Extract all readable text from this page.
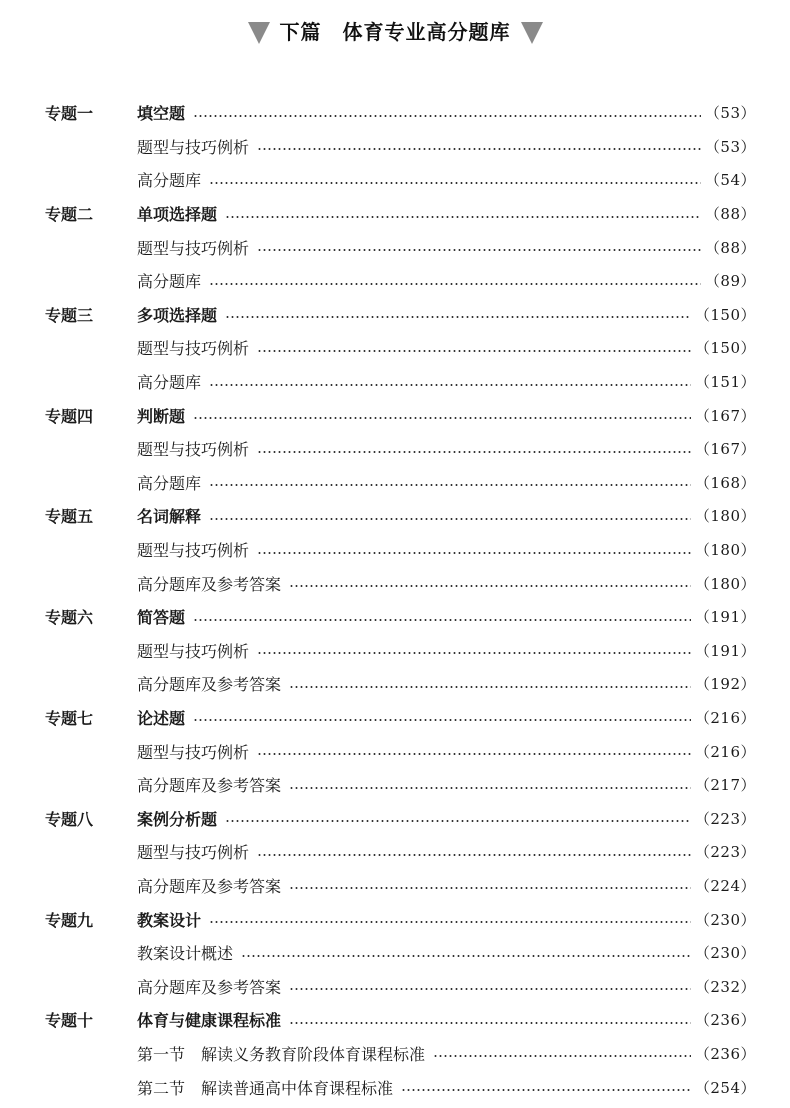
下篇　体育专业高分题库
专题一	填空题	（53）
题型与技巧例析	（53）
高分题库	（54）
专题二	单项选择题	（88）
题型与技巧例析	（88）
高分题库	（89）
专题三	多项选择题	（150）
题型与技巧例析	（150）
高分题库	（151）
专题四	判断题	（167）
题型与技巧例析	（167）
高分题库	（168）
专题五	名词解释	（180）
题型与技巧例析	（180）
高分题库及参考答案	（180）
专题六	简答题	（191）
题型与技巧例析	（191）
高分题库及参考答案	（192）
专题七	论述题	（216）
题型与技巧例析	（216）
高分题库及参考答案	（217）
专题八	案例分析题	（223）
题型与技巧例析	（223）
高分题库及参考答案	（224）
专题九	教案设计	（230）
教案设计概述	（230）
高分题库及参考答案	（232）
专题十	体育与健康课程标准	（236）
第一节　解读义务教育阶段体育课程标准	（236）
第二节　解读普通高中体育课程标准	（254）
